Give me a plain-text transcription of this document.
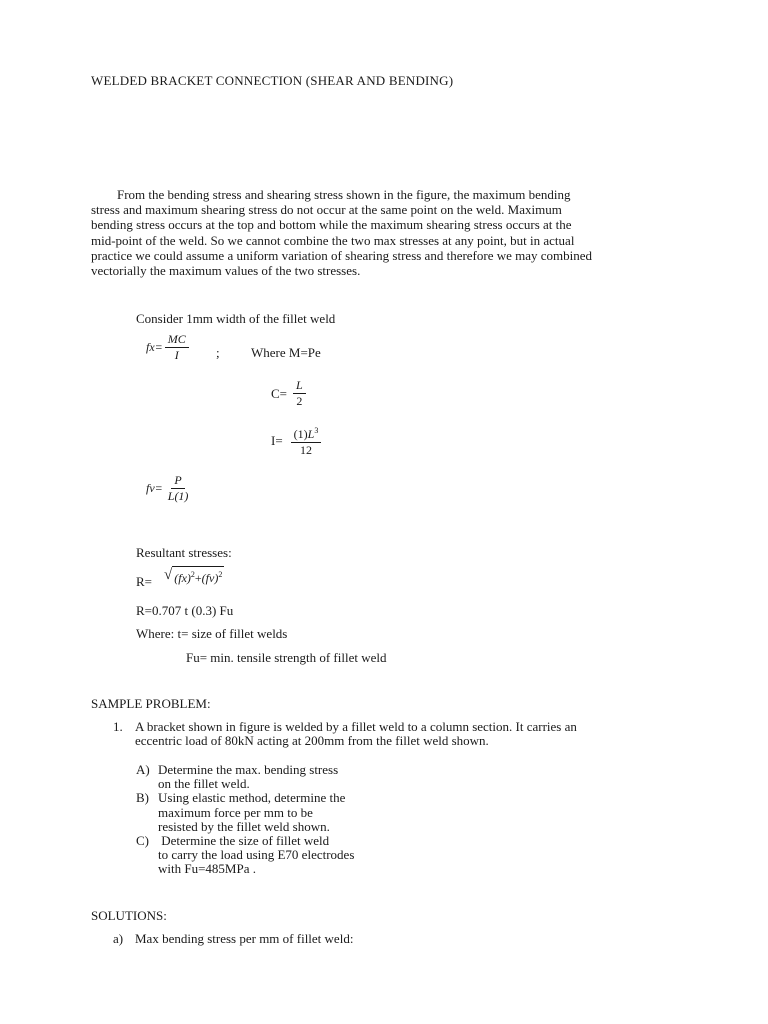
WELDED BRACKET CONNECTION (SHEAR AND BENDING)
From the bending stress and shearing stress shown in the figure, the maximum bending
stress and maximum shearing stress do not occur at the same point on the weld. Maximum
bending stress occurs at the top and bottom while the maximum shearing stress occurs at the
mid-point of the weld. So we cannot combine the two max stresses at any point, but in actual
practice we could assume a uniform variation of shearing stress and therefore we may combined
vectorially the maximum values of the two stresses.
Consider 1mm width of the fillet weld
$fx= \frac{MC}{I}$ ; Where M=Pe
$C= \frac{L}{2}$
$I= \frac{(1)L^3}{12}$
$fv= \frac{P}{L(1)}$
Resultant stresses:
R= √ (fx)$^2$+(fv)$^2$
R=0.707 t (0.3) Fu
Where: t= size of fillet welds
Fu= min. tensile strength of fillet weld
SAMPLE PROBLEM:
1. A bracket shown in figure is welded by a fillet weld to a column section. It carries an
eccentric load of 80kN acting at 200mm from the fillet weld shown.
A) Determine the max. bending stress
on the fillet weld.
B) Using elastic method, determine the
maximum force per mm to be
resisted by the fillet weld shown.
C) Determine the size of fillet weld
to carry the load using E70 electrodes
with Fu=485MPa .
SOLUTIONS:
a) Max bending stress per mm of fillet weld:
